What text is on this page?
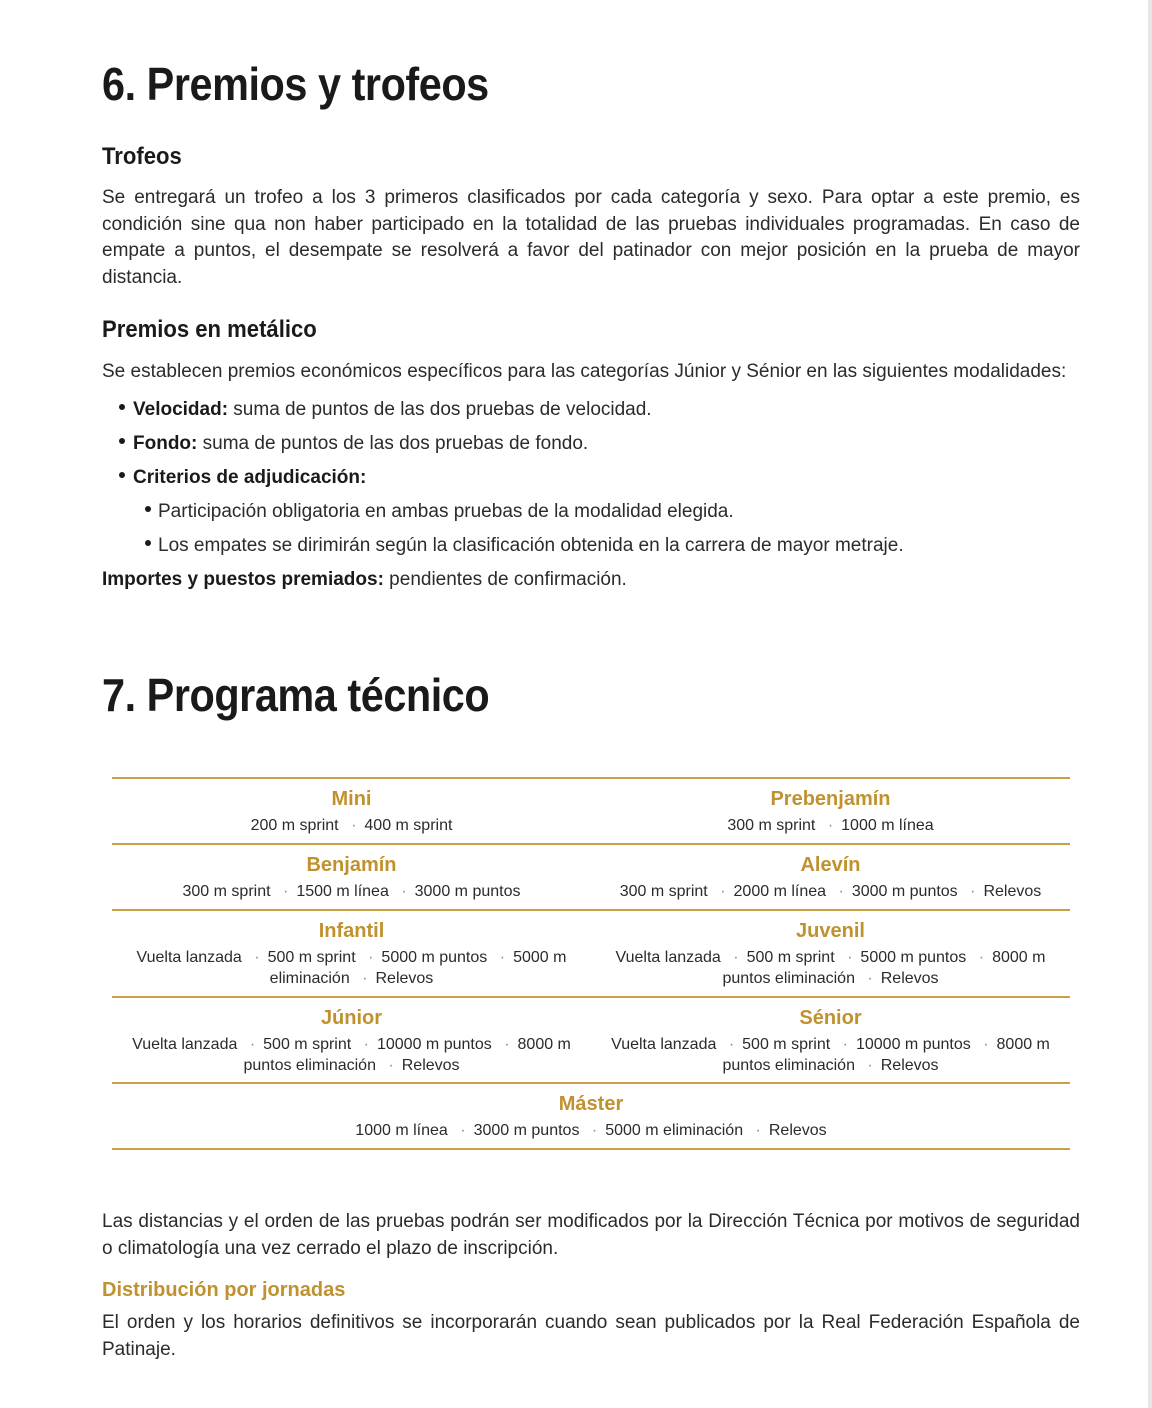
6. Premios y trofeos
Trofeos

Se entregará un trofeo a los 3 primeros clasificados por cada categoría y sexo. Para optar a este premio, es condición sine qua non haber participado en la totalidad de las pruebas individuales programadas. En caso de empate a puntos, el desempate se resolverá a favor del patinador con mejor posición en la prueba de mayor distancia.

Premios en metálico

Se establecen premios económicos específicos para las categorías Júnior y Sénior en las siguientes modalidades:

Velocidad: suma de puntos de las dos pruebas de velocidad.
Fondo: suma de puntos de las dos pruebas de fondo.
Criterios de adjudicación:
Participación obligatoria en ambas pruebas de la modalidad elegida.
Los empates se dirimirán según la clasificación obtenida en la carrera de mayor metraje.

Importes y puestos premiados: pendientes de confirmación.

7. Programa técnico
Mini
200 m sprint · 400 m sprint
Prebenjamín
300 m sprint · 1000 m línea
Benjamín
300 m sprint · 1500 m línea · 3000 m puntos
Alevín
300 m sprint · 2000 m línea · 3000 m puntos · Relevos
Infantil
Vuelta lanzada · 500 m sprint · 5000 m puntos · 5000 m eliminación · Relevos
Juvenil
Vuelta lanzada · 500 m sprint · 5000 m puntos · 8000 m puntos eliminación · Relevos
Júnior
Vuelta lanzada · 500 m sprint · 10000 m puntos · 8000 m puntos eliminación · Relevos
Sénior
Vuelta lanzada · 500 m sprint · 10000 m puntos · 8000 m puntos eliminación · Relevos
Máster
1000 m línea · 3000 m puntos · 5000 m eliminación · Relevos

Las distancias y el orden de las pruebas podrán ser modificados por la Dirección Técnica por motivos de seguridad o climatología una vez cerrado el plazo de inscripción.

Distribución por jornadas

El orden y los horarios definitivos se incorporarán cuando sean publicados por la Real Federación Española de Patinaje.
